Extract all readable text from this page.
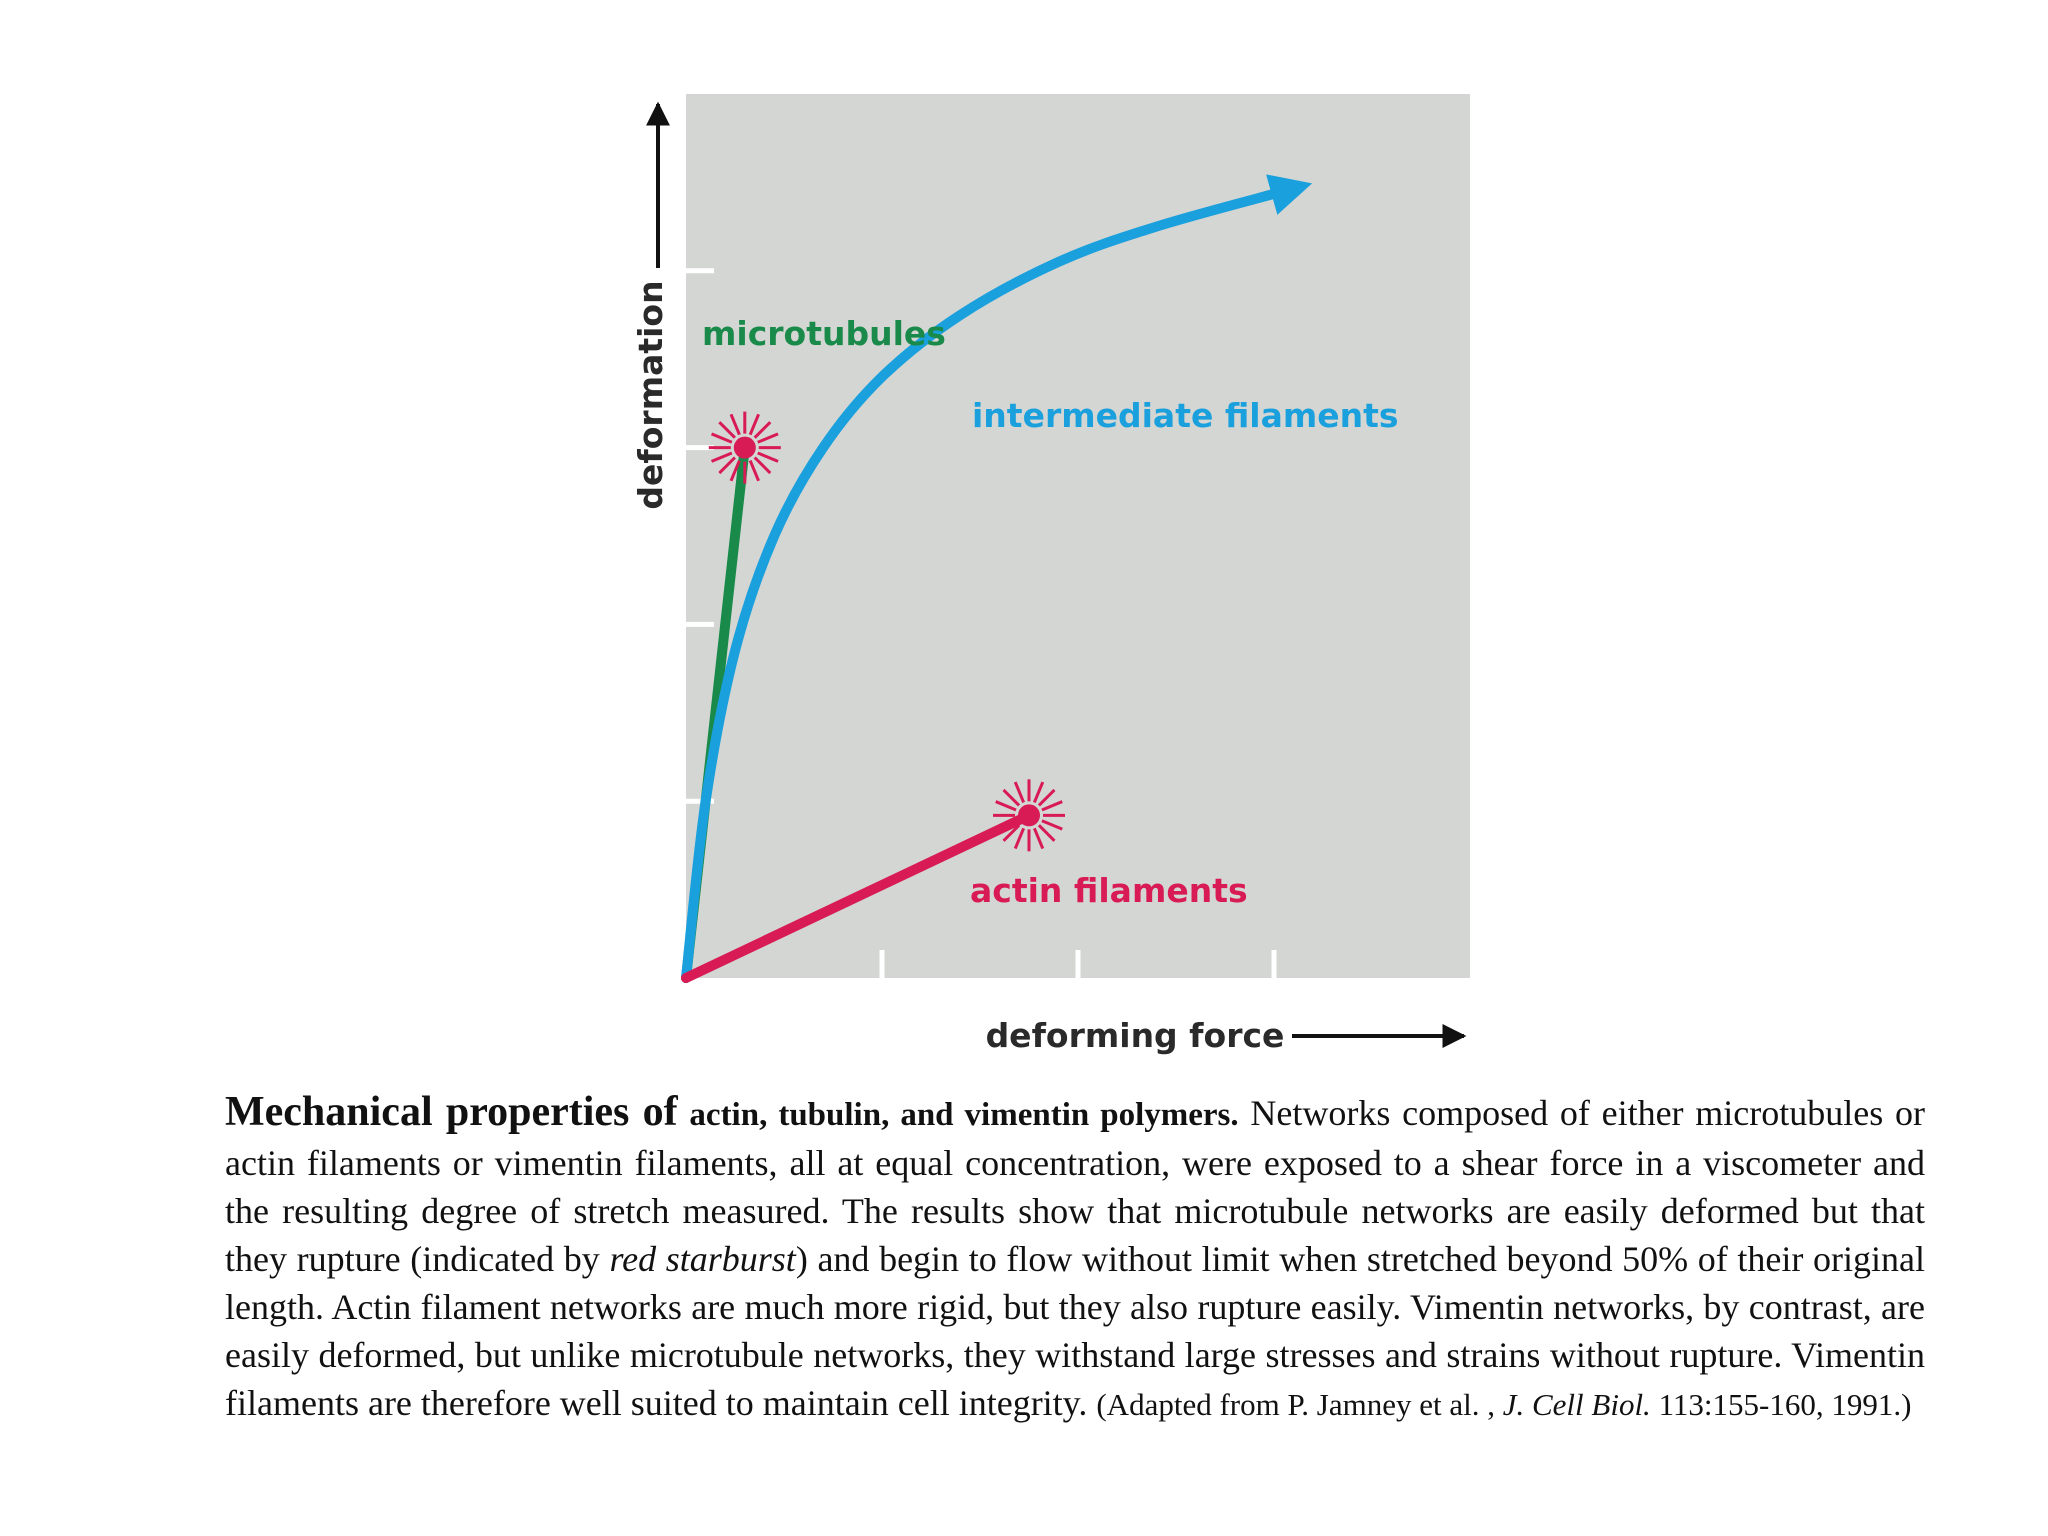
deformation
deforming force
microtubules
intermediate filaments
actin filaments
Mechanical properties of actin, tubulin, and vimentin polymers. Networks composed of either microtubules or actin filaments or vimentin filaments, all at equal concentration, were exposed to a shear force in a viscometer and the resulting degree of stretch measured. The results show that microtubule networks are easily deformed but that they rupture (indicated by red starburst) and begin to flow without limit when stretched beyond 50% of their original length. Actin filament networks are much more rigid, but they also rupture easily. Vimentin networks, by contrast, are easily deformed, but unlike microtubule networks, they withstand large stresses and strains without rupture. Vimentin filaments are therefore well suited to maintain cell integrity. (Adapted from P. Jamney et al. , J. Cell Biol. 113:155-160, 1991.)
